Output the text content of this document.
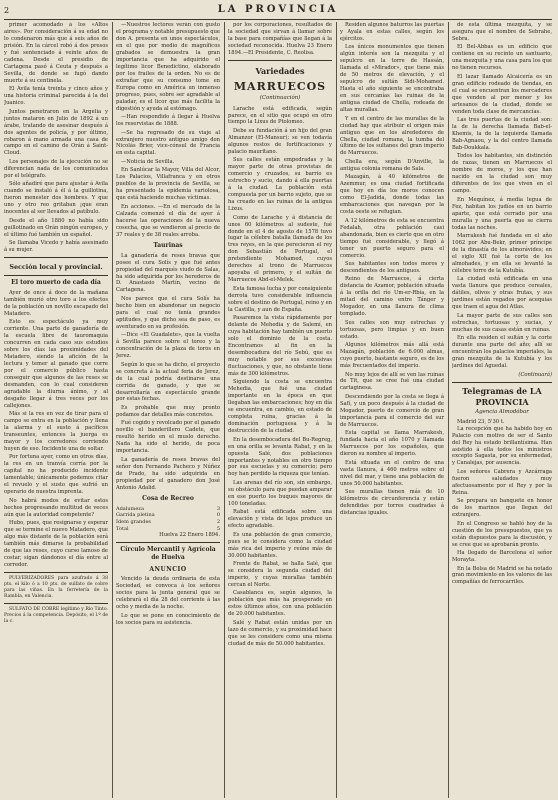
2	LA PROVINCIA

primer acomodado á los «Altos aires». Por consideración á su edad no lo condenaron más que á seis años de prisión. En la cárcel robó á dos presos y fué sentenciado á veinte años de cadena. Desde el presidio de Cartagena pasó á Ceuta y después a Sevilla, de donde se fugó dando muerte á su centinela.

El Ávila tenía treinta y cinco años y una historia criminal parecida á la del Juanico.

Juntos penetraron en la Argelia y juntos mataron en Julio de 1892 á un árabe, tratando de asesinar después á dos agentes de policía, y por último, robaron á mano armada una casa de campo en el camino de Orán á Saint-Cloud.

Los personajes de la ejecución no se diferencian nada de los comunicados por el telégrafo.

Sólo añadiré que para ajustar á Avila cuando se instaló á él á la guillotina, fueron menester dos hombres. Y que uno y otro reo gritaban ¡que eran inocentes al ser llevados al patíbulo.

Desde el año 1880 no había sido guillotinado en Orán ningún europeo, y el último fué también un español.

Se llamaba Vicedo y había asesinado á su mujer.

Sección local y provincial.
El toro muerto de cada día

Ayer de once á doce de la mañana también murió otro toro a los efectos de la población un novillo escapado del Matadero.

Esto es espectáculo ya muy corriente. Una parte de ganadería de la escuela libre de tauromaquia concurren en cada caso sus estudios sobre los días las proximidades del Matadero, siendo la afición de la lectura y temer al ganado que corre por el comercio público hasta conseguir que algunos de las reses se desmanden, con lo cual consideren agradable la diurna ánimo, y al desgaño llegar á tres veces por los callejones.

Más si la res en vez de tirar para el campo se entra en la población y llena la alarma y el susto á pacíficos transeuntes, entonces la juerga es mayor y los corredores corriendo huyen de eso. Incidente una de soltar.

Por fortuna ayer, como en otros días, la res en un tranvía corría por la capital no ha producido incidente lamentable; únicamente podemos citar el revuelo y el susto que sufrió un operario de nuestra imprenta.

No habrá modos de evitar estos hechos progresando multitud de veces aún que la autoridad competente?

Hubo, pues, que resignarse y esperar que se termine el nuevo Matadero, que algo más distante de la población será también más dimarse la probabilidad de que las reses, cuyo curso lamoso de costar, sigan dándonos el día entre al corredor.

PULVERIZADORES para azufrado á 38 pts. el kilo ó a 10 pts. de sulfato de cobre para las viñas. En la ferretería de la Rambla, en Valencia.

SULFATO DE COBRE legítimo y Río Tinto. Precios á la competencia. Depósito, el l.º de la c.

—Nuestros lectores verán con gusto el programa y notable presupuesto que don A. presenta en unos espectáculos, en el que por medio de magníficos grabados se demuestra la gran importancia que ha adquirido el legítimo licor Benedictino, elaborado por los frailes de la orden. No es de extrañar que su consumo tome en Europa como en América un inmenso progreso, pues, sobre ser agradable al paladar, es el licor que más facilita la digestión y ayuda al estómago.

—Han respondido á llegar á Huelva los reservistas de 1888.

—Se ha regresado de su viaje al extranjero nuestro antiguo amigo don Nicolás Brier, vice-cónsul de Francia en esta capital.

—Noticia de Sevilla.

En Sanlúcar la Mayor, Villa del Alcor, Los Palacios, Villafranca y en otros pueblos de la provincia de Sevilla, se ha presentado la epidemia variolosa, que está haciendo muchas víctimas.

En acciones. —En el mercado de la Calzada comenzó el día de ayer á hacerse las operaciones de la nueva cosecha, que se vendieron al precio de 37 reales y de 38 reales arroba.

Taurinas

La ganadería de reses bravas que posee el cura Solís y que fué antes propiedad del marqués viudo de Salas, ha sido adquirida por los herederos de D. Anastasio Martín, vecino de Cartagena.

Nos parece que el cura Solís ha hecho bien en abandonar un negocio para el cual no tenía grandes aptitudes, y que dicho sea de paso, es aventurado en su profesión.

—Dice «El Guadalete», que la vuelta á Sevilla parece sobre el toreo y la concentración de la plaza de toros en Jerez.

Según lo que se ha dicho, el proyecto se concreta á la actual feria de Jerez, de la cual podría destinarse una corrida de ganado, y que se desarrollaría en espectáculo grande por estas fechas.

Es probable que muy pronto podamos dar detalles más concretos.

Fué cogido y revolcado por el ganado novillo el banderillero Cadete, que resultó herido en el muslo derecho. Nada ha sido el herido, de poca importancia.

La ganadería de reses bravas del señor don Fernando Pacheco y Núñez de Prado, ha sido adquirida en propiedad por el ganadero don José Antonio Adalid.

Cosa de Recreo
Adalumeza	3
Garrida pletina	0
Ídem grandes	2
Total	5
Huelva 22 Enero 1894.
Círculo Mercantil y Agrícola de Huelva
ANUNCIO

Vencido la deuda ordinaria de esta Sociedad, se convoca á los señores socios para la junta general que se celebrará el día 28 del corriente á las ocho y media de la noche.

Lo que se pone en conocimiento de los socios para su asistencia.

por los corporaciones, resultados de la sociedad que sirvan á llamar sobre la base para compañías que llegan á la sociedad reconocida. Huelva 23 Enero 1894.—El Presidente, C. Reolisa.

Variedades
MARRUECOS
(Continuación)

Larache está edificada, según parece, en el sitio que ocupó en otro tiempo la Lixus de Ptolomeo.

Debe su fundación á un hijo del gran Almanzor (El-Mansur); se ven todavía algunos restos de fortificaciones y palacio mauritano.

Sus calles están empedradas y la mayor parte de otras provistas de comercio y cruzados, su barrio es estrecho y sucio, dando á ella puertas á la ciudad. La población está compuesta por un barrio sujeto, que se ha creado en las ruinas de la antigua Lixus.

Como de Larache y á distancia de unos 60 kilómetros al sudeste, fué donde en el 4 de agosto de 1578 tuvo lugar la célebre batalla llamada de los tres reyes, en la que perecieron el rey don Sebastián de Portugal, el pretendiente Mohamed, cuyos derechos al trono de Marruecos apoyaba el primero, y el sultán de Marruecos Abd-el-Melek.

Esta famosa lucha y por consiguiente derrota tuvo considerable influencia sobre el destino de Portugal, reino y en la Castilla, y aun de España.

Pasaremos la vista rápidamente por delante de Mehedia y de Salemí, en cuya habitación hay también un puerto solo el dominio de la costa. Encontramos al fin en la desembocadura del río Sebú, que es muy notable por sus excesivas fluctuaciones, y que, no obstante tiene más de 300 kilómetros.

Siguiendo la costa se encuentra Mehedia, que fué una ciudad importante en la época en que llegaban las embarcaciones; hoy en día se encuentra, en cambio, en estado de completa ruina, gracias á la dominación portuguesa y á la destrucción de la ciudad.

En la desembocadura del Bu-Regreg, en una orilla se levanta Rabat, y en la opuesta Salé, dos poblaciones importantes y notables en otro tiempo por sus escuelas y su comercio; pero hoy han perdido la riqueza que tenían.

Las arenas del río son, sin embargo, su obstáculo para que puedan amparar en ese puerto los buques mayores de 100 toneladas.

Rabat está edificada sobre una elevación y vista de lejos produce un efecto agradable.

Es una población de gran comercio, pues se le considera como la ciudad más rica del imperio y reúne más de 30.000 habitantes.

Frente de Rabat, se halla Salé, que se considera la segunda ciudad del imperio, y cuyas murallas también cercan el Norte.

Casablanca es, según algunos, la población que más ha prosperado en estos últimos años, con una población de 20.000 habitantes.

Salé y Rabat están unidas por un lazo de comercio, y su proximidad hace que se les considere como una misma ciudad de más de 50.000 habitantes.

Residen algunos baturros las puertas y Ayala en estas calles, según los ejércitos.

Los únicos monumentos que tienen algún interés son la mezquita y el sepulcro en la torre de Hassán, llamada el «Mirador», que tiene más de 50 metros de elevación, y el sepulcro de sultán Sidi-Mohamed. Hasta el año siguiente se encontraba en sus cercanías las ruinas de la antigua ciudad de Chella, rodeada de altas murallas.

Y en el centro de las murallas de la ciudad hay que atribuir el origen más antiguo que en los alrededores de Chella, ciudad romana, la tumba del último de los sultanes del gran imperio de Marruecos.

Chella era, según D'Anville, la antigua colonia romana de Sala.

Mazagán, á 40 kilómetros de Azemmur, es una ciudad fortificada que hoy en día los moros conocen como El-Jadida, donde todas las embarcaciones que navegan por la costa oeste se refugian.

A 12 kilómetros de esta se encuentra Fedalah, otra población casi abandonada, bien es cierto que en otro tiempo fué considerable, y llegó á tener un puerto seguro para el comercio.

Sus habitantes son todos moros y descendientes de los antiguos.

Reino de Marruecos, á cierta distancia de Azamor, población situada á la orilla del río Um-er-Rbia, en la mitad del camino entre Tánger y Mogador, en una llanura de clima templado.

Sus calles son muy estrechas y tortuosas, pero limpias y en buen estado.

Algunos kilómetros más allá está Mazagán, población de 6.000 almas, cuyo puerto, bastante seguro, es de los más frecuentados del imperio.

No muy lejos de allí se ven las ruinas de Tit, que se cree fué una ciudad cartaginesa.

Descendiendo por la costa se llega á Safí, y un poco después á la ciudad de Mogador, puerto de comercio de gran importancia para el comercio del sur de Marruecos.

Esta capital se llama Marrakesh, fundada hacia el año 1070 y llamada Marruecos por los españoles, que dieron su nombre al imperio.

Está situada en el centro de una vasta llanura, á 460 metros sobre el nivel del mar, y tiene una población de unos 50.000 habitantes.

Sus murallas tienen más de 10 kilómetros de circunferencia y están defendidas por torres cuadradas á distancias iguales.

de esta última mezquita, y se asegura que el nombre de Sebrahe, Sebra.

El Bel-Abbas es un edificio que contiene en su recinto un santuario, una mezquita y una casa para los que no tienen recursos.

El lazar llamado Alcaicería es un gran edificio rodeado de tiendas, en el cual se encuentran los mercaderes que venden al por menor y los artesanos de la ciudad, donde se venden toda clase de mercancías.

Las tres puertas de la ciudad son: la de la derecha llamada Bab-el-Khemis, la de la izquierda llamada Bab-Agnaou, y la del centro llamada Bab-Doukkala.

Todos los habitantes, sin distinción de razas, tienen en Marruecos el nombre de moros, y los que han nacido en la ciudad son muy diferentes de los que viven en el campo.

En Mequínez, á media legua de Fez, habitan los judíos en un barrio aparte, que está cerrado por una muralla y una puerta que se cierra todas las noches.

Marrakesh fué fundada en el año 1062 por Abu-Bekr, primer príncipe de la dinastía de los almorávides; en el siglo XII fué la corte de los almohades, y en ella se levantó la célebre torre de la Kutubía.

La ciudad está edificada en una vasta llanura que produce cereales, dátiles, olivos y otras frutas, y sus jardines están regados por acequias que traen el agua del Atlas.

La mayor parte de sus calles son estrechas, tortuosas y sucias, y muchas de sus casas están en ruinas.

En ella residen el sultán y la corte durante una parte del año; allí se encuentran los palacios imperiales, la gran mezquita de la Kutubía y los jardines del Aguedal.

(Continuará)
Telegramas de LA PROVINCIA
Agencia Almodóbar
Madrid 23, 5'30 t.

La recepción que ha habido hoy en Palacio con motivo de ser el Santo del Rey ha estado brillantísima. Han asistido á ella todos los ministros excepto Sagasta, por su enfermedad, y Canalejas, por ausencia.

Los señores Cabrera y Azcárraga fueron saludados muy afectuosamente por el Rey y por la Reina.

Se prepara un banquete en honor de los marinos que llegan del extranjero.

En el Congreso se habló hoy de la cuestión de los presupuestos, que ya están dispuestos para la discusión, y se cree que se aprobarán pronto.

Ha llegado de Barcelona el señor Morayta.

En la Bolsa de Madrid se ha notado gran movimiento en los valores de las compañías de ferrocarriles.
